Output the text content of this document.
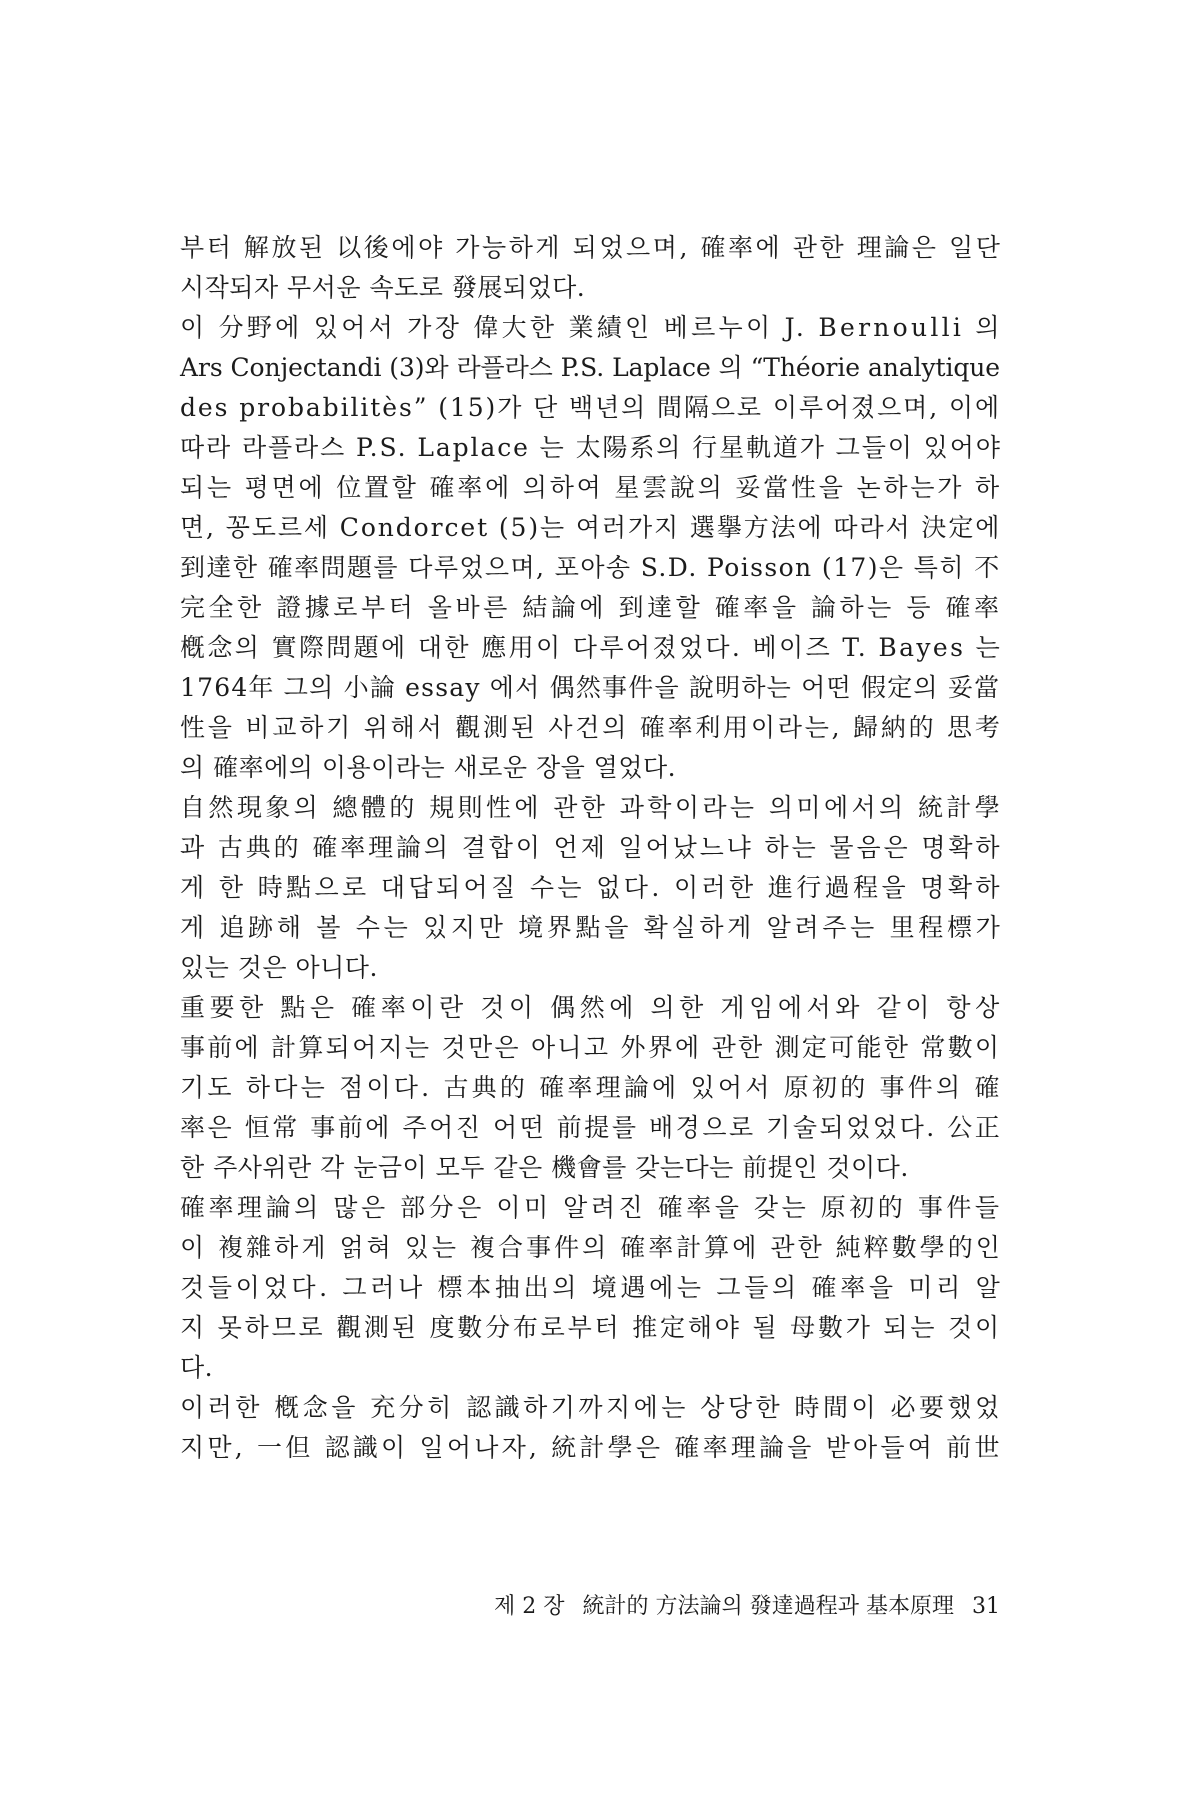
부터 解放된 以後에야 가능하게 되었으며, 確率에 관한 理論은 일단
시작되자 무서운 속도로 發展되었다.
이 分野에 있어서 가장 偉大한 業績인 베르누이 J. Bernoulli 의
Ars Conjectandi (3)와 라플라스 P.S. Laplace 의 “Théorie analytique
des probabilitès” (15)가 단 백년의 間隔으로 이루어졌으며, 이에
따라 라플라스 P.S. Laplace 는 太陽系의 行星軌道가 그들이 있어야
되는 평면에 位置할 確率에 의하여 星雲說의 妥當性을 논하는가 하
면, 꽁도르세 Condorcet (5)는 여러가지 選擧方法에 따라서 決定에
到達한 確率問題를 다루었으며, 포아송 S.D. Poisson (17)은 특히 不
完全한 證據로부터 올바른 結論에 到達할 確率을 論하는 등 確率
槪念의 實際問題에 대한 應用이 다루어졌었다. 베이즈 T. Bayes 는
1764年 그의 小論 essay 에서 偶然事件을 說明하는 어떤 假定의 妥當
性을 비교하기 위해서 觀測된 사건의 確率利用이라는, 歸納的 思考
의 確率에의 이용이라는 새로운 장을 열었다.
自然現象의 總體的 規則性에 관한 과학이라는 의미에서의 統計學
과 古典的 確率理論의 결합이 언제 일어났느냐 하는 물음은 명확하
게 한 時點으로 대답되어질 수는 없다. 이러한 進行過程을 명확하
게 追跡해 볼 수는 있지만 境界點을 확실하게 알려주는 里程標가
있는 것은 아니다.
重要한 點은 確率이란 것이 偶然에 의한 게임에서와 같이 항상
事前에 計算되어지는 것만은 아니고 外界에 관한 測定可能한 常數이
기도 하다는 점이다. 古典的 確率理論에 있어서 原初的 事件의 確
率은 恒常 事前에 주어진 어떤 前提를 배경으로 기술되었었다. 公正
한 주사위란 각 눈금이 모두 같은 機會를 갖는다는 前提인 것이다.
確率理論의 많은 部分은 이미 알려진 確率을 갖는 原初的 事件들
이 複雜하게 얽혀 있는 複合事件의 確率計算에 관한 純粹數學的인
것들이었다. 그러나 標本抽出의 境遇에는 그들의 確率을 미리 알
지 못하므로 觀測된 度數分布로부터 推定해야 될 母數가 되는 것이
다.
이러한 槪念을 充分히 認識하기까지에는 상당한 時間이 必要했었
지만, 一但 認識이 일어나자, 統計學은 確率理論을 받아들여 前世
제 2 장 統計的 方法論의 發達過程과 基本原理 31
